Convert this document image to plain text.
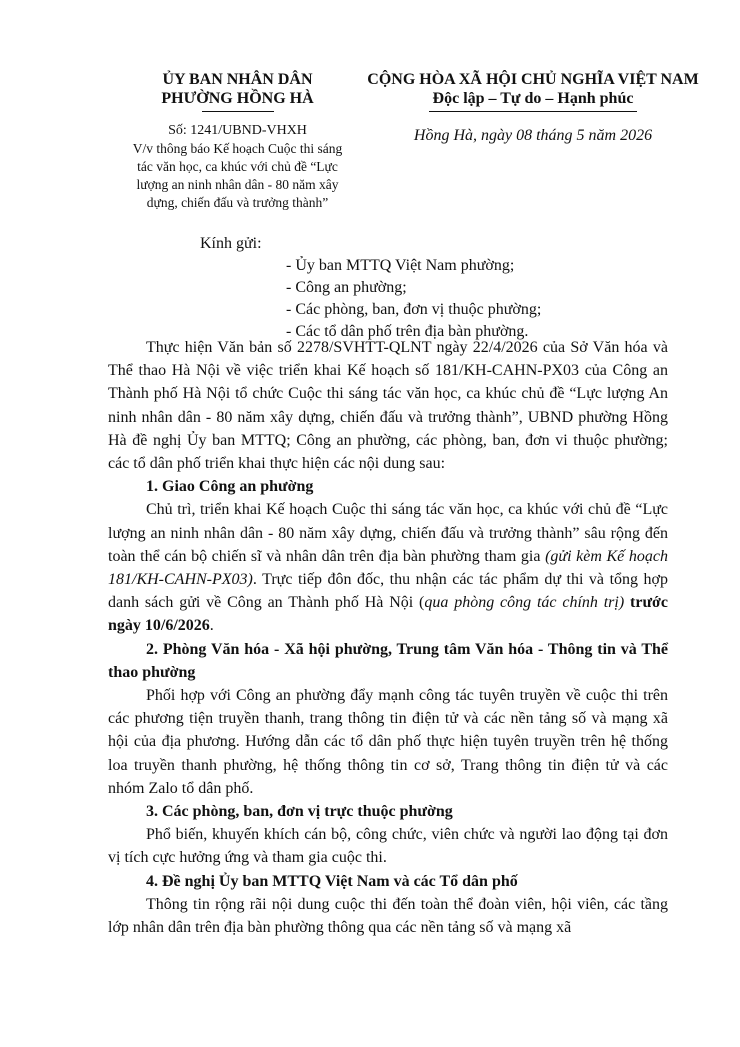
ỦY BAN NHÂN DÂN
PHƯỜNG HỒNG HÀ
Số: 1241/UBND-VHXH
V/v thông báo Kế hoạch Cuộc thi sáng
tác văn học, ca khúc với chủ đề “Lực
lượng an ninh nhân dân - 80 năm xây
dựng, chiến đấu và trưởng thành”
CỘNG HÒA XÃ HỘI CHỦ NGHĨA VIỆT NAM
Độc lập – Tự do – Hạnh phúc
Hồng Hà, ngày 08 tháng 5 năm 2026
Kính gửi:
- Ủy ban MTTQ Việt Nam phường;
- Công an phường;
- Các phòng, ban, đơn vị thuộc phường;
- Các tổ dân phố trên địa bàn phường.

Thực hiện Văn bản số 2278/SVHTT-QLNT ngày 22/4/2026 của Sở Văn hóa và Thể thao Hà Nội về việc triển khai Kế hoạch số 181/KH-CAHN-PX03 của Công an Thành phố Hà Nội tổ chức Cuộc thi sáng tác văn học, ca khúc chủ đề “Lực lượng An ninh nhân dân - 80 năm xây dựng, chiến đấu và trưởng thành”, UBND phường Hồng Hà đề nghị Ủy ban MTTQ; Công an phường, các phòng, ban, đơn vi thuộc phường; các tổ dân phố triển khai thực hiện các nội dung sau:

1. Giao Công an phường

Chủ trì, triển khai Kế hoạch Cuộc thi sáng tác văn học, ca khúc với chủ đề “Lực lượng an ninh nhân dân - 80 năm xây dựng, chiến đấu và trưởng thành” sâu rộng đến toàn thể cán bộ chiến sĩ và nhân dân trên địa bàn phường tham gia (gửi kèm Kế hoạch 181/KH-CAHN-PX03). Trực tiếp đôn đốc, thu nhận các tác phẩm dự thi và tổng hợp danh sách gửi về Công an Thành phố Hà Nội (qua phòng công tác chính trị) trước ngày 10/6/2026.

2. Phòng Văn hóa - Xã hội phường, Trung tâm Văn hóa - Thông tin và Thể thao phường

Phối hợp với Công an phường đẩy mạnh công tác tuyên truyền về cuộc thi trên các phương tiện truyền thanh, trang thông tin điện tử và các nền tảng số và mạng xã hội của địa phương. Hướng dẫn các tổ dân phố thực hiện tuyên truyền trên hệ thống loa truyền thanh phường, hệ thống thông tin cơ sở, Trang thông tin điện tử và các nhóm Zalo tổ dân phố.

3. Các phòng, ban, đơn vị trực thuộc phường

Phổ biến, khuyến khích cán bộ, công chức, viên chức và người lao động tại đơn vị tích cực hưởng ứng và tham gia cuộc thi.

4. Đề nghị Ủy ban MTTQ Việt Nam và các Tổ dân phố

Thông tin rộng rãi nội dung cuộc thi đến toàn thể đoàn viên, hội viên, các tầng lớp nhân dân trên địa bàn phường thông qua các nền tảng số và mạng xã
